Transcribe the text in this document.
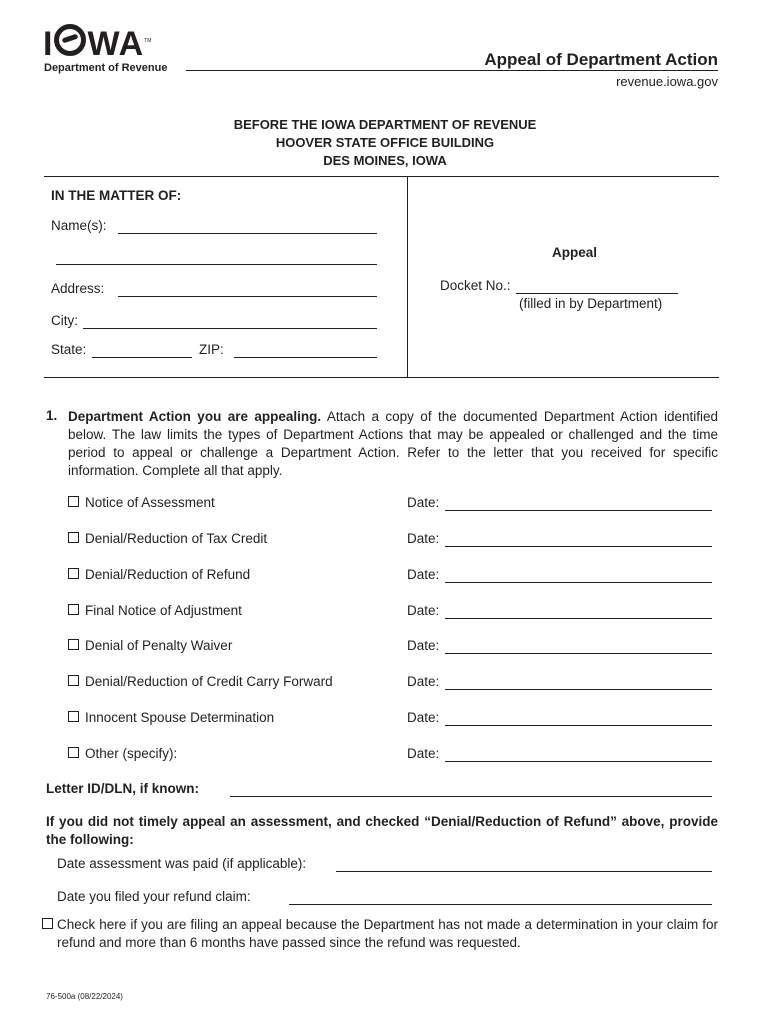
I WA™
Department of Revenue	Appeal of Department Action
revenue.iowa.gov
BEFORE THE IOWA DEPARTMENT OF REVENUE
HOOVER STATE OFFICE BUILDING
DES MOINES, IOWA
IN THE MATTER OF:
Name(s):
Address:
City:
State:	ZIP:
Appeal
Docket No.:
(filled in by Department)
1. Department Action you are appealing. Attach a copy of the documented Department Action identified below. The law limits the types of Department Actions that may be appealed or challenged and the time period to appeal or challenge a Department Action. Refer to the letter that you received for specific information. Complete all that apply.
Notice of Assessment	Date:
Denial/Reduction of Tax Credit	Date:
Denial/Reduction of Refund	Date:
Final Notice of Adjustment	Date:
Denial of Penalty Waiver	Date:
Denial/Reduction of Credit Carry Forward	Date:
Innocent Spouse Determination	Date:
Other (specify):	Date:
Letter ID/DLN, if known:
If you did not timely appeal an assessment, and checked “Denial/Reduction of Refund” above, provide the following:
Date assessment was paid (if applicable):
Date you filed your refund claim:
Check here if you are filing an appeal because the Department has not made a determination in your claim for refund and more than 6 months have passed since the refund was requested.
76-500a (08/22/2024)
